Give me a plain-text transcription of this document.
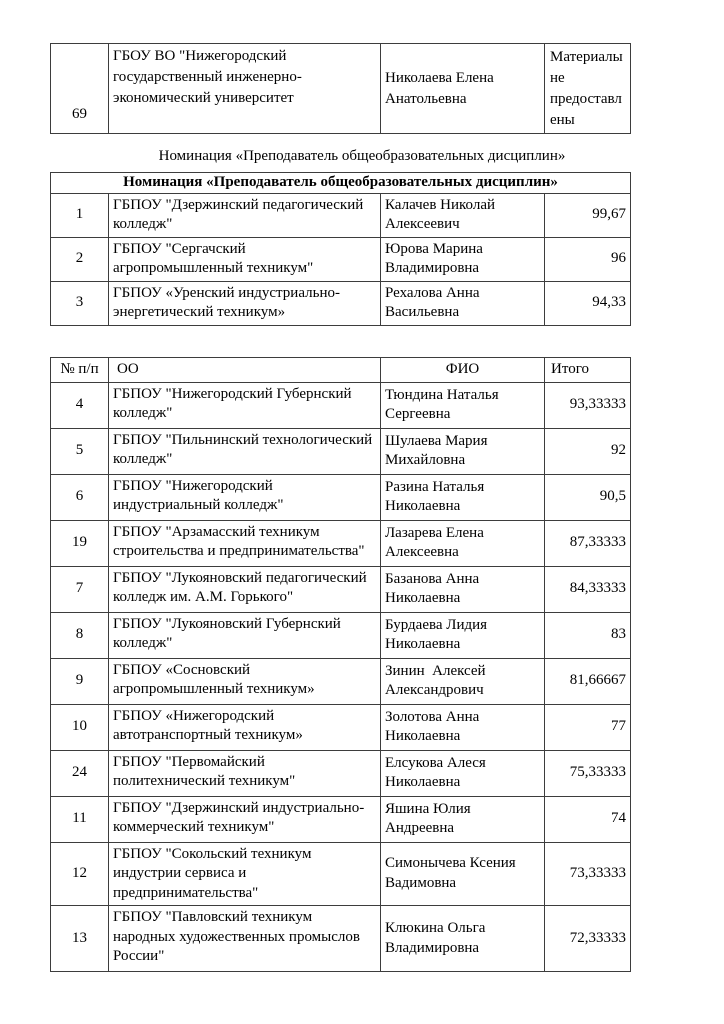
69	ГБОУ ВО "Нижегородский государственный инженерно-экономический университет	Николаева Елена Анатольевна	Материалы не предоставлены
Номинация «Преподаватель общеобразовательных дисциплин»
Номинация «Преподаватель общеобразовательных дисциплин»			
1	ГБПОУ "Дзержинский педагогический колледж"	Калачев Николай Алексеевич	99,67
2	ГБПОУ "Сергачский агропромышленный техникум"	Юрова Марина Владимировна	96
3	ГБПОУ «Уренский индустриально-энергетический техникум»	Рехалова Анна Васильевна	94,33
№ п/п	ОО	ФИО	Итого
4	ГБПОУ "Нижегородский Губернский колледж"	Тюндина Наталья Сергеевна	93,33333
5	ГБПОУ "Пильнинский технологический колледж"	Шулаева Мария Михайловна	92
6	ГБПОУ "Нижегородский индустриальный колледж"	Разина Наталья Николаевна	90,5
19	ГБПОУ "Арзамасский техникум строительства и предпринимательства"	Лазарева Елена Алексеевна	87,33333
7	ГБПОУ "Лукояновский педагогический колледж им. А.М. Горького"	Базанова Анна Николаевна	84,33333
8	ГБПОУ "Лукояновский Губернский колледж"	Бурдаева Лидия Николаевна	83
9	ГБПОУ «Сосновский агропромышленный техникум»	Зинин  Алексей Александрович	81,66667
10	ГБПОУ «Нижегородский автотранспортный техникум»	Золотова Анна Николаевна	77
24	ГБПОУ "Первомайский политехнический техникум"	Елсукова Алеся Николаевна	75,33333
11	ГБПОУ "Дзержинский индустриально-коммерческий техникум"	Яшина Юлия Андреевна	74
12	ГБПОУ "Сокольский техникум индустрии сервиса и предпринимательства"	Симонычева Ксения Вадимовна	73,33333
13	ГБПОУ "Павловский техникум народных художественных промыслов России"	Клюкина Ольга Владимировна	72,33333
